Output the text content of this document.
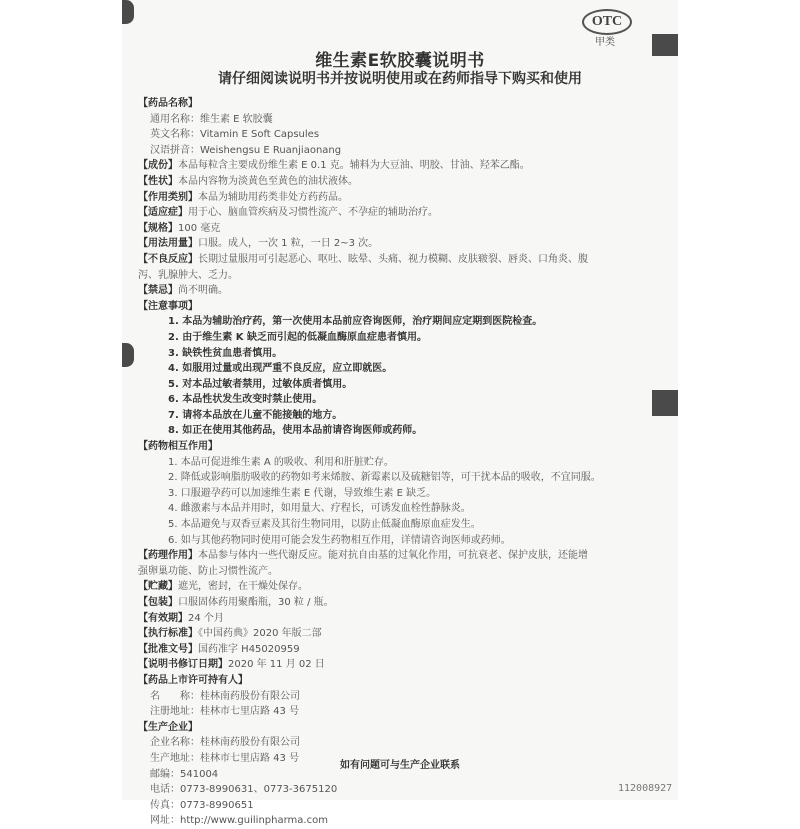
OTC
甲类
维生素E软胶囊说明书
请仔细阅读说明书并按说明使用或在药师指导下购买和使用
【药品名称】
通用名称：维生素 E 软胶囊
英文名称：Vitamin E Soft Capsules
汉语拼音：Weishengsu E Ruanjiaonang
【成份】本品每粒含主要成份维生素 E 0.1 克。辅料为大豆油、明胶、甘油、羟苯乙酯。
【性状】本品内容物为淡黄色至黄色的油状液体。
【作用类别】本品为辅助用药类非处方药药品。
【适应症】用于心、脑血管疾病及习惯性流产、不孕症的辅助治疗。
【规格】100 毫克
【用法用量】口服。成人，一次 1 粒，一日 2~3 次。
【不良反应】长期过量服用可引起恶心、呕吐、眩晕、头痛、视力模糊、皮肤皲裂、唇炎、口角炎、腹
泻、乳腺肿大、乏力。
【禁忌】尚不明确。
【注意事项】
1. 本品为辅助治疗药，第一次使用本品前应咨询医师，治疗期间应定期到医院检查。
2. 由于维生素 K 缺乏而引起的低凝血酶原血症患者慎用。
3. 缺铁性贫血患者慎用。
4. 如服用过量或出现严重不良反应，应立即就医。
5. 对本品过敏者禁用，过敏体质者慎用。
6. 本品性状发生改变时禁止使用。
7. 请将本品放在儿童不能接触的地方。
8. 如正在使用其他药品，使用本品前请咨询医师或药师。
【药物相互作用】
1. 本品可促进维生素 A 的吸收、利用和肝脏贮存。
2. 降低或影响脂肪吸收的药物如考来烯胺、新霉素以及硫糖铝等，可干扰本品的吸收，不宜同服。
3. 口服避孕药可以加速维生素 E 代谢，导致维生素 E 缺乏。
4. 雌激素与本品并用时，如用量大、疗程长，可诱发血栓性静脉炎。
5. 本品避免与双香豆素及其衍生物同用，以防止低凝血酶原血症发生。
6. 如与其他药物同时使用可能会发生药物相互作用，详情请咨询医师或药师。
【药理作用】本品参与体内一些代谢反应。能对抗自由基的过氧化作用，可抗衰老、保护皮肤，还能增
强卵巢功能、防止习惯性流产。
【贮藏】遮光，密封，在干燥处保存。
【包装】口服固体药用聚酯瓶，30 粒 / 瓶。
【有效期】24 个月
【执行标准】《中国药典》2020 年版二部
【批准文号】国药准字 H45020959
【说明书修订日期】2020 年 11 月 02 日
【药品上市许可持有人】
名　　称：桂林南药股份有限公司
注册地址：桂林市七里店路 43 号
【生产企业】
企业名称：桂林南药股份有限公司
生产地址：桂林市七里店路 43 号
邮编：541004
电话：0773-8990631、0773-3675120
传真：0773-8990651
网址：http://www.guilinpharma.com
如有问题可与生产企业联系
112008927
